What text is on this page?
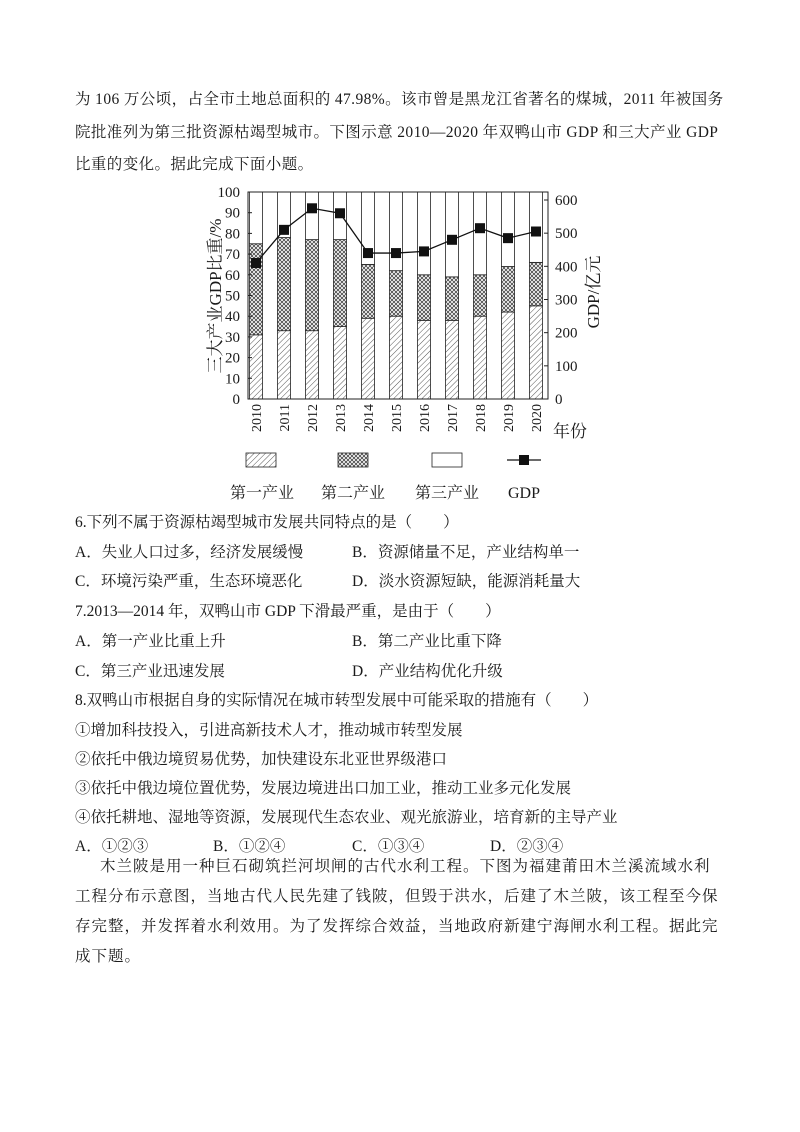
为 106 万公顷，占全市土地总面积的 47.98%。该市曾是黑龙江省著名的煤城，2011 年被国务
院批准列为第三批资源枯竭型城市。下图示意 2010—2020 年双鸭山市 GDP 和三大产业 GDP
比重的变化。据此完成下面小题。
0
10
20
30
40
50
60
70
80
90
100
0
100
200
300
400
500
600
2010 2011 2012 2013 2014 2015 2016 2017 2018 2019 2020
三大产业GDP比重/%	GDP/亿元
年份
第一产业 第二产业 第三产业 GDP
6.下列不属于资源枯竭型城市发展共同特点的是（　　）
A．失业人口过多，经济发展缓慢	B．资源储量不足，产业结构单一
C．环境污染严重，生态环境恶化	D．淡水资源短缺，能源消耗量大
7.2013—2014 年，双鸭山市 GDP 下滑最严重，是由于（　　）
A．第一产业比重上升	B．第二产业比重下降
C．第三产业迅速发展	D．产业结构优化升级
8.双鸭山市根据自身的实际情况在城市转型发展中可能采取的措施有（　　）
①增加科技投入，引进高新技术人才，推动城市转型发展
②依托中俄边境贸易优势，加快建设东北亚世界级港口
③依托中俄边境位置优势，发展边境进出口加工业，推动工业多元化发展
④依托耕地、湿地等资源，发展现代生态农业、观光旅游业，培育新的主导产业
A．①②③	B．①②④	C．①③④	D．②③④
木兰陂是用一种巨石砌筑拦河坝闸的古代水利工程。下图为福建莆田木兰溪流域水利
工程分布示意图，当地古代人民先建了钱陂，但毁于洪水，后建了木兰陂，该工程至今保
存完整，并发挥着水利效用。为了发挥综合效益，当地政府新建宁海闸水利工程。据此完
成下题。
